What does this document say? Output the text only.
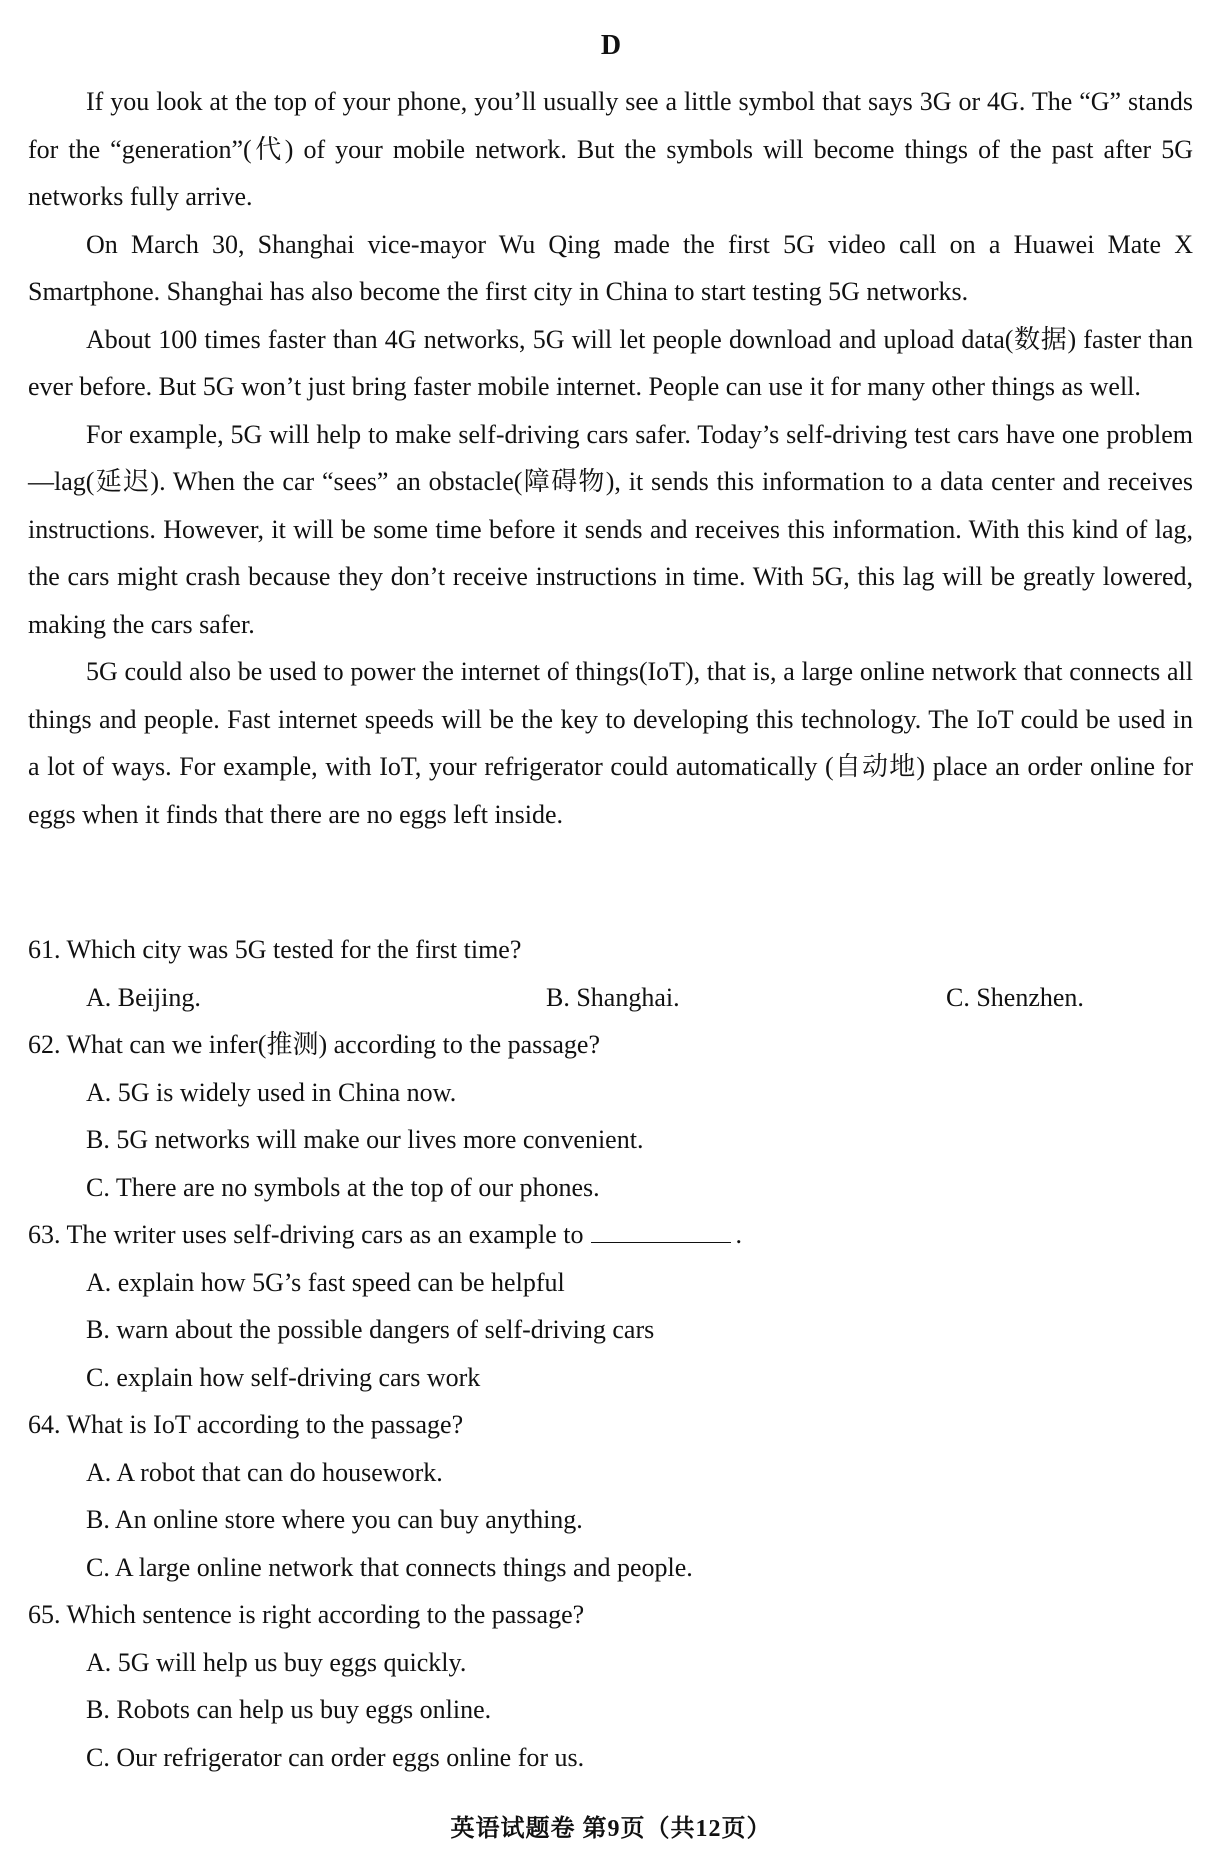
D

If you look at the top of your phone, you’ll usually see a little symbol that says 3G or 4G. The “G” stands for the “generation”(代) of your mobile network. But the symbols will become things of the past after 5G networks fully arrive.

On March 30, Shanghai vice-mayor Wu Qing made the first 5G video call on a Huawei Mate X Smartphone. Shanghai has also become the first city in China to start testing 5G networks.

About 100 times faster than 4G networks, 5G will let people download and upload data(数据) faster than ever before. But 5G won’t just bring faster mobile internet. People can use it for many other things as well.

For example, 5G will help to make self-driving cars safer. Today’s self-driving test cars have one problem—lag(延迟). When the car “sees” an obstacle(障碍物), it sends this information to a data center and receives instructions. However, it will be some time before it sends and receives this information. With this kind of lag, the cars might crash because they don’t receive instructions in time. With 5G, this lag will be greatly lowered, making the cars safer.

5G could also be used to power the internet of things(IoT), that is, a large online network that connects all things and people. Fast internet speeds will be the key to developing this technology. The IoT could be used in a lot of ways. For example, with IoT, your refrigerator could automatically (自动地) place an order online for eggs when it finds that there are no eggs left inside.

61. Which city was 5G tested for the first time?
A. Beijing.	B. Shanghai.	C. Shenzhen.
62. What can we infer(推测) according to the passage?
A. 5G is widely used in China now.
B. 5G networks will make our lives more convenient.
C. There are no symbols at the top of our phones.
63. The writer uses self-driving cars as an example to	.
A. explain how 5G’s fast speed can be helpful
B. warn about the possible dangers of self-driving cars
C. explain how self-driving cars work
64. What is IoT according to the passage?
A. A robot that can do housework.
B. An online store where you can buy anything.
C. A large online network that connects things and people.
65. Which sentence is right according to the passage?
A. 5G will help us buy eggs quickly.
B. Robots can help us buy eggs online.
C. Our refrigerator can order eggs online for us.
英语试题卷 第9页（共12页）
